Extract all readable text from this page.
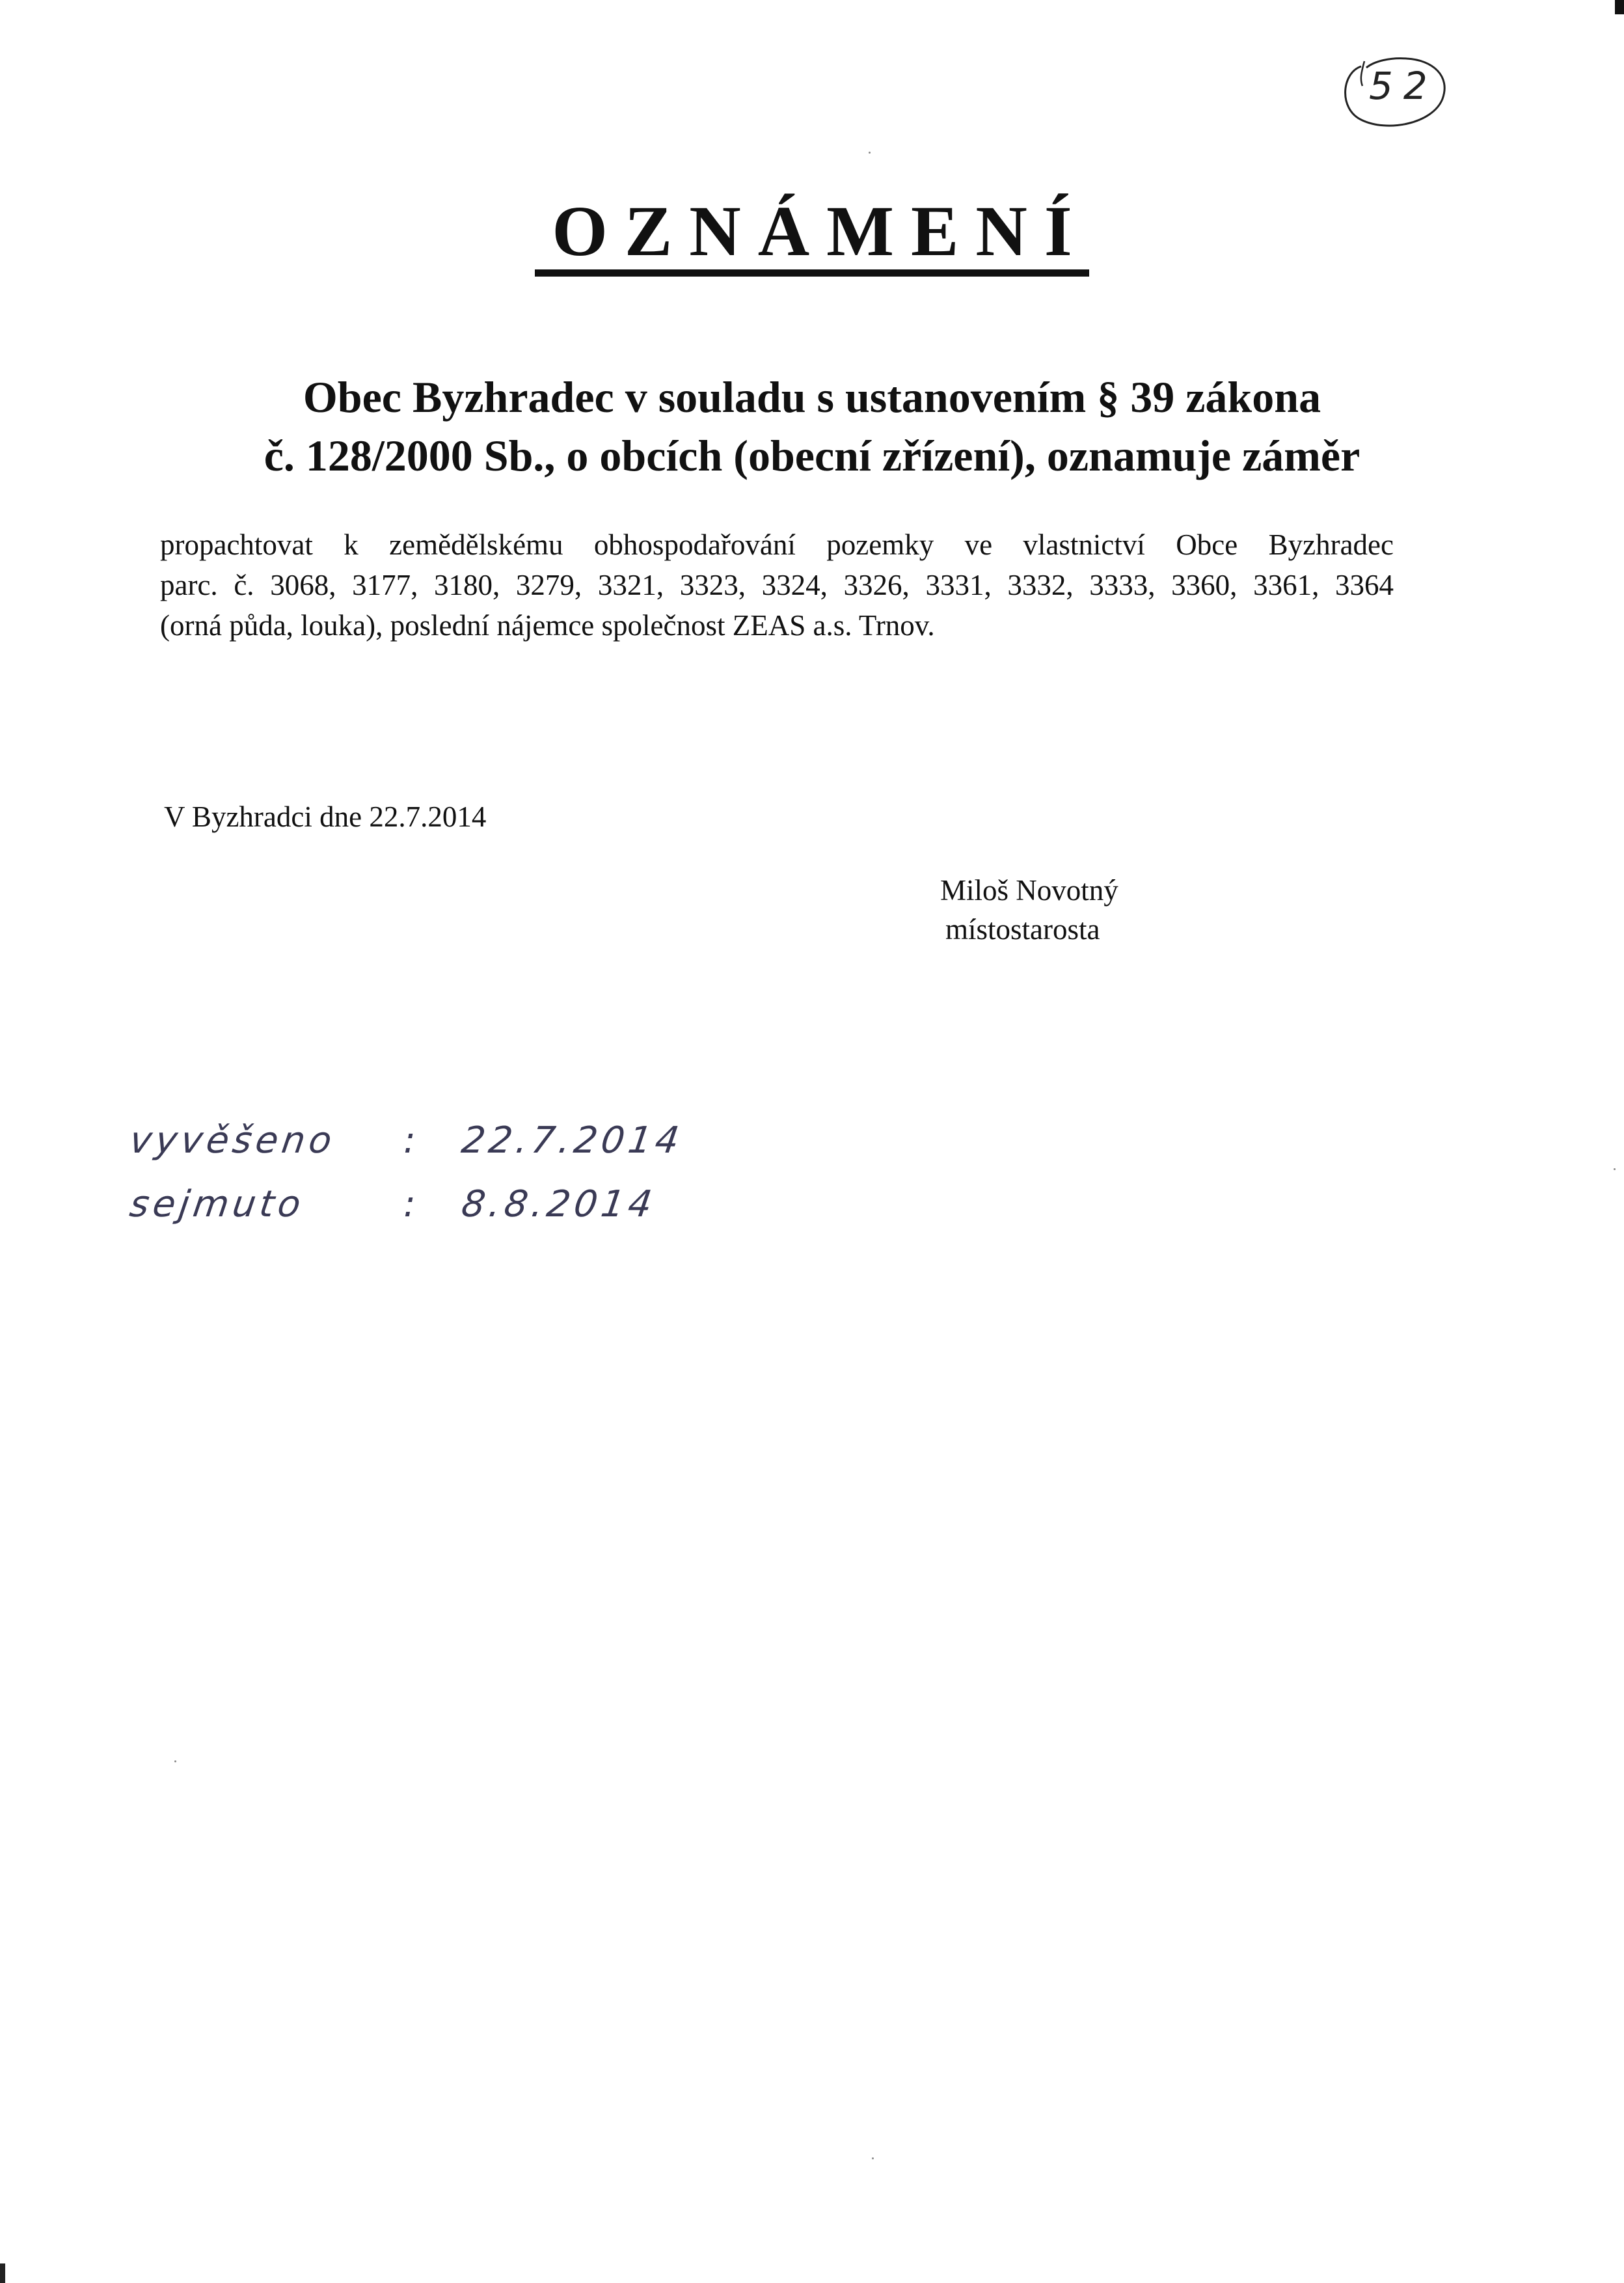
52
OZNÁMENÍ
Obec Byzhradec v souladu s ustanovením § 39 zákona
č. 128/2000 Sb., o obcích (obecní zřízení), oznamuje záměr
propachtovat k zemědělskému obhospodařování pozemky ve vlastnictví Obce Byzhradec
parc. č. 3068, 3177, 3180, 3279, 3321, 3323, 3324, 3326, 3331, 3332, 3333, 3360, 3361, 3364
(orná půda, louka), poslední nájemce společnost ZEAS a.s. Trnov.
V Byzhradci dne 22.7.2014
Miloš Novotný
místostarosta
vyvěšeno : 22.7.2014
sejmuto	: 8.8.2014
